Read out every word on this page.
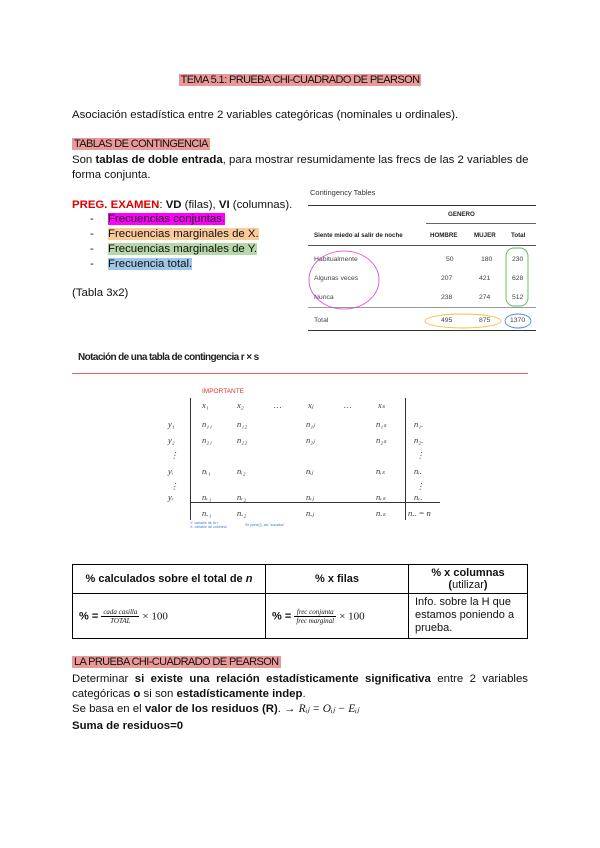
TEMA 5.1: PRUEBA CHI-CUADRADO DE PEARSON

Asociación estadística entre 2 variables categóricas (nominales u ordinales).

TABLAS DE CONTINGENCIA

Son tablas de doble entrada, para mostrar resumidamente las frecs de las 2 variables de
forma conjunta.

PREG. EXAMEN: VD (filas), VI (columnas).

- Frecuencias conjuntas.
- Frecuencias marginales de X.
- Frecuencias marginales de Y.
- Frecuencia total.

(Tabla 3x2)

Contingency Tables
GENERO
Siente miedo al salir de noche	HOMBRE	MUJER Total
Habitualmente	50	180	230
Algunas veces	207	421	628
Nunca	238	274	512
Total	495	875	1370
Notación de una tabla de contingencia r × s
IMPORTANTE
x₁	x₂	…	xⱼ	…	xₛ
y₁	n₁₁	n₁₂	n₁ⱼ	n₁ₛ	n₁.
y₂	n₂₁	n₂₂	n₂ⱼ	n₂ₛ	n₂.
⋮	⋮
yᵢ	nᵢ₁	nᵢ₂	nᵢⱼ	nᵢₛ	nᵢ.
⋮	⋮
yᵣ	nᵣ₁	nᵣ₂	nᵣⱼ	nᵣₛ	nᵣ.
n.₁	n.₂	n.ⱼ	n.ₛ	n.. = n
Y: variable de la f
X: variable de columna	Se pone(i), así "sumaba"
% calculados sobre el total de n	% x filas	% x columnas (utilizar)
% = $\frac{\text{cada casilla}}{\text{TOTAL}} \times 100$	% = $\frac{\text{frec conjunta}}{\text{frec marginal}} \times 100$	Info. sobre la H que estamos poniendo a prueba.
LA PRUEBA CHI-CUADRADO DE PEARSON

Determinar si existe una relación estadísticamente significativa entre 2 variables

categóricas o si son estadísticamente indep.

Se basa en el valor de los residuos (R). → Rᵢⱼ = Oᵢⱼ − Eᵢⱼ

Suma de residuos=0
